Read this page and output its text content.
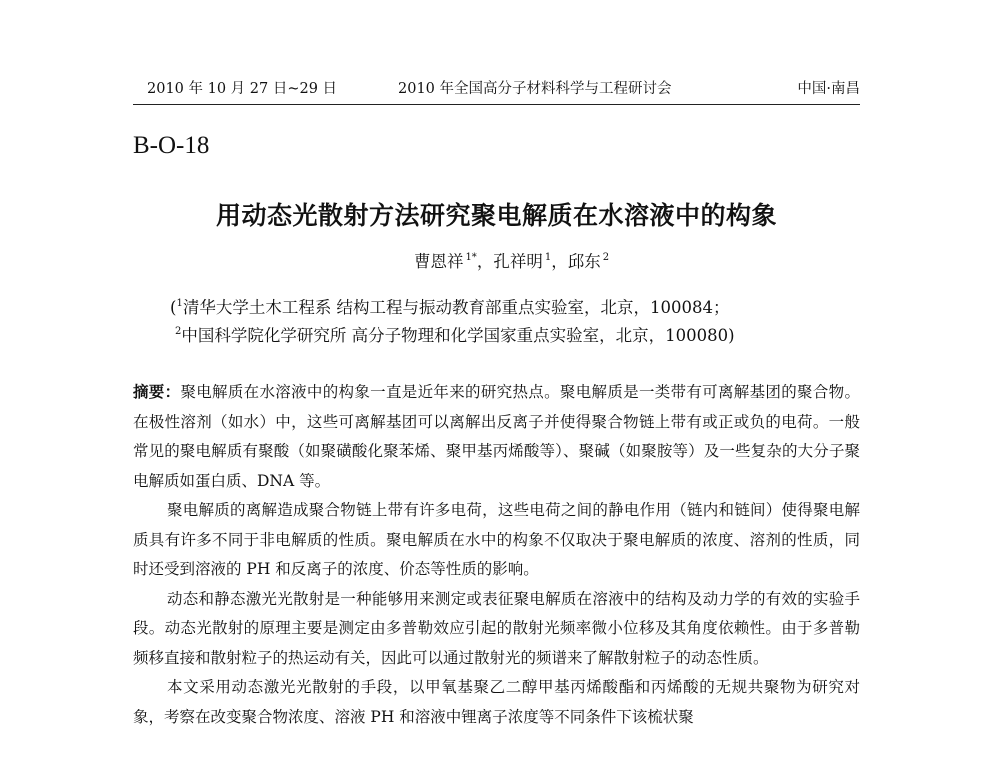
2010 年 10 月 27 日~29 日	2010 年全国高分子材料科学与工程研讨会	中国·南昌
B-O-18
用动态光散射方法研究聚电解质在水溶液中的构象
曹恩祥 $^{1*}$，孔祥明 $^1$，邱东 $^2$
($^1$清华大学土木工程系 结构工程与振动教育部重点实验室，北京，100084；
$^2$中国科学院化学研究所 高分子物理和化学国家重点实验室，北京，100080)

摘要：聚电解质在水溶液中的构象一直是近年来的研究热点。聚电解质是一类带有可离解基团的聚合物。在极性溶剂（如水）中，这些可离解基团可以离解出反离子并使得聚合物链上带有或正或负的电荷。一般常见的聚电解质有聚酸（如聚磺酸化聚苯烯、聚甲基丙烯酸等）、聚碱（如聚胺等）及一些复杂的大分子聚电解质如蛋白质、DNA 等。

聚电解质的离解造成聚合物链上带有许多电荷，这些电荷之间的静电作用（链内和链间）使得聚电解质具有许多不同于非电解质的性质。聚电解质在水中的构象不仅取决于聚电解质的浓度、溶剂的性质，同时还受到溶液的 PH 和反离子的浓度、价态等性质的影响。

动态和静态激光光散射是一种能够用来测定或表征聚电解质在溶液中的结构及动力学的有效的实验手段。动态光散射的原理主要是测定由多普勒效应引起的散射光频率微小位移及其角度依赖性。由于多普勒频移直接和散射粒子的热运动有关，因此可以通过散射光的频谱来了解散射粒子的动态性质。

本文采用动态激光光散射的手段，以甲氧基聚乙二醇甲基丙烯酸酯和丙烯酸的无规共聚物为研究对象，考察在改变聚合物浓度、溶液 PH 和溶液中锂离子浓度等不同条件下该梳状聚
